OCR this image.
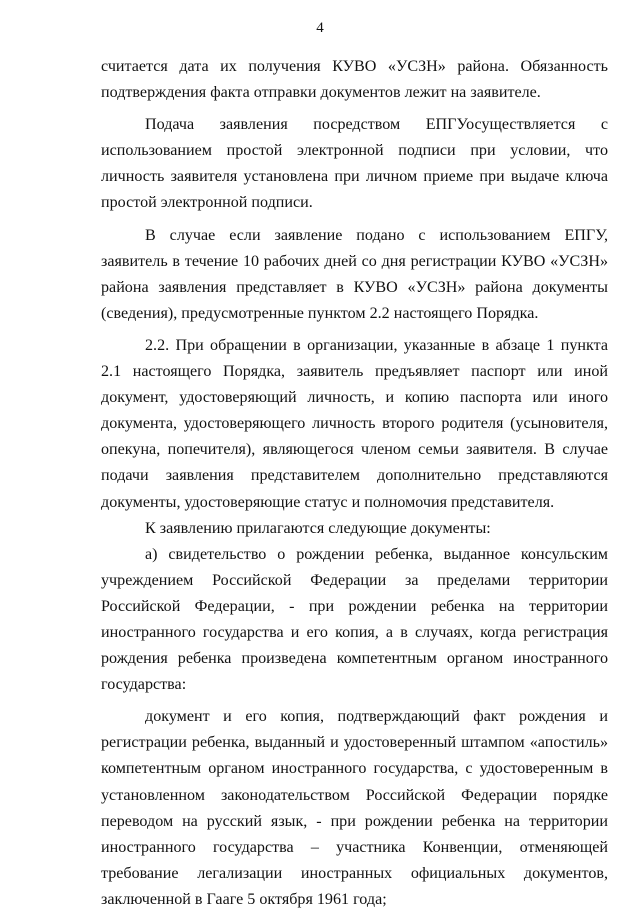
4

считается дата их получения КУВО «УСЗН» района. Обязанность подтверждения факта отправки документов лежит на заявителе.

Подача заявления посредством ЕПГУосуществляется с использованием простой электронной подписи при условии, что личность заявителя установлена при личном приеме при выдаче ключа простой электронной подписи.

В случае если заявление подано с использованием ЕПГУ, заявитель в течение 10 рабочих дней со дня регистрации КУВО «УСЗН» района заявления представляет в КУВО «УСЗН» района документы (сведения), предусмотренные пунктом 2.2 настоящего Порядка.

2.2. При обращении в организации, указанные в абзаце 1 пункта 2.1 настоящего Порядка, заявитель предъявляет паспорт или иной документ, удостоверяющий личность, и копию паспорта или иного документа, удостоверяющего личность второго родителя (усыновителя, опекуна, попечителя), являющегося членом семьи заявителя. В случае подачи заявления представителем дополнительно представляются документы, удостоверяющие статус и полномочия представителя.

К заявлению прилагаются следующие документы:

а) свидетельство о рождении ребенка, выданное консульским учреждением Российской Федерации за пределами территории Российской Федерации, - при рождении ребенка на территории иностранного государства и его копия, а в случаях, когда регистрация рождения ребенка произведена компетентным органом иностранного государства:

документ и его копия, подтверждающий факт рождения и регистрации ребенка, выданный и удостоверенный штампом «апостиль» компетентным органом иностранного государства, с удостоверенным в установленном законодательством Российской Федерации порядке переводом на русский язык, - при рождении ребенка на территории иностранного государства – участника Конвенции, отменяющей требование легализации иностранных официальных документов, заключенной в Гааге 5 октября 1961 года;
